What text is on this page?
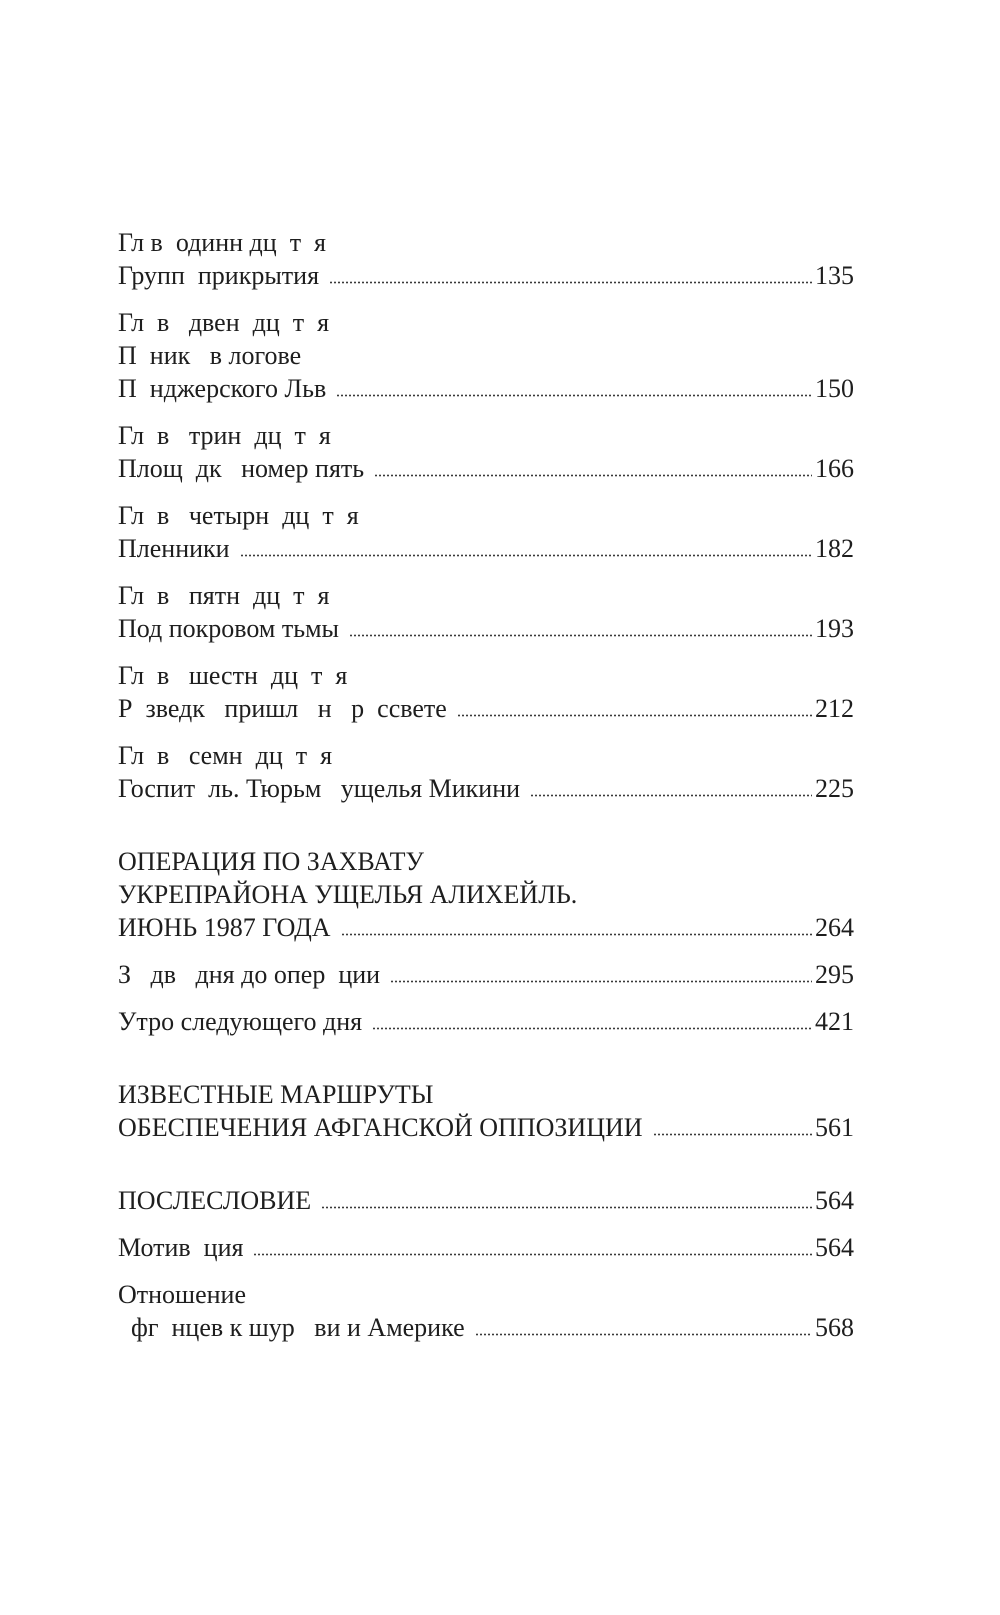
Гл в  одинн дц  т  я
Групп  прикрытия	135
Гл  в   двен  дц  т  я
П  ник   в логове
П  нджерского Льв	150
Гл  в   трин  дц  т  я
Площ  дк   номер пять	166
Гл  в   четырн  дц  т  я
Пленники	182
Гл  в   пятн  дц  т  я
Под покровом тьмы	193
Гл  в   шестн  дц  т  я
Р  зведк   пришл   н   р  ссвете	212
Гл  в   семн  дц  т  я
Госпит  ль. Тюрьм   ущелья Микини	225
ОПЕРАЦИЯ ПО ЗАХВАТУ
УКРЕПРАЙОНА УЩЕЛЬЯ АЛИХЕЙЛЬ.
ИЮНЬ 1987 ГОДА	264
З   дв   дня до опер  ции	295
Утро следующего дня	421
ИЗВЕСТНЫЕ МАРШРУТЫ
ОБЕСПЕЧЕНИЯ АФГАНСКОЙ ОППОЗИЦИИ	561
ПОСЛЕСЛОВИЕ	564
Мотив  ция	564
Отношение
фг  нцев к шур   ви и Америке	568
